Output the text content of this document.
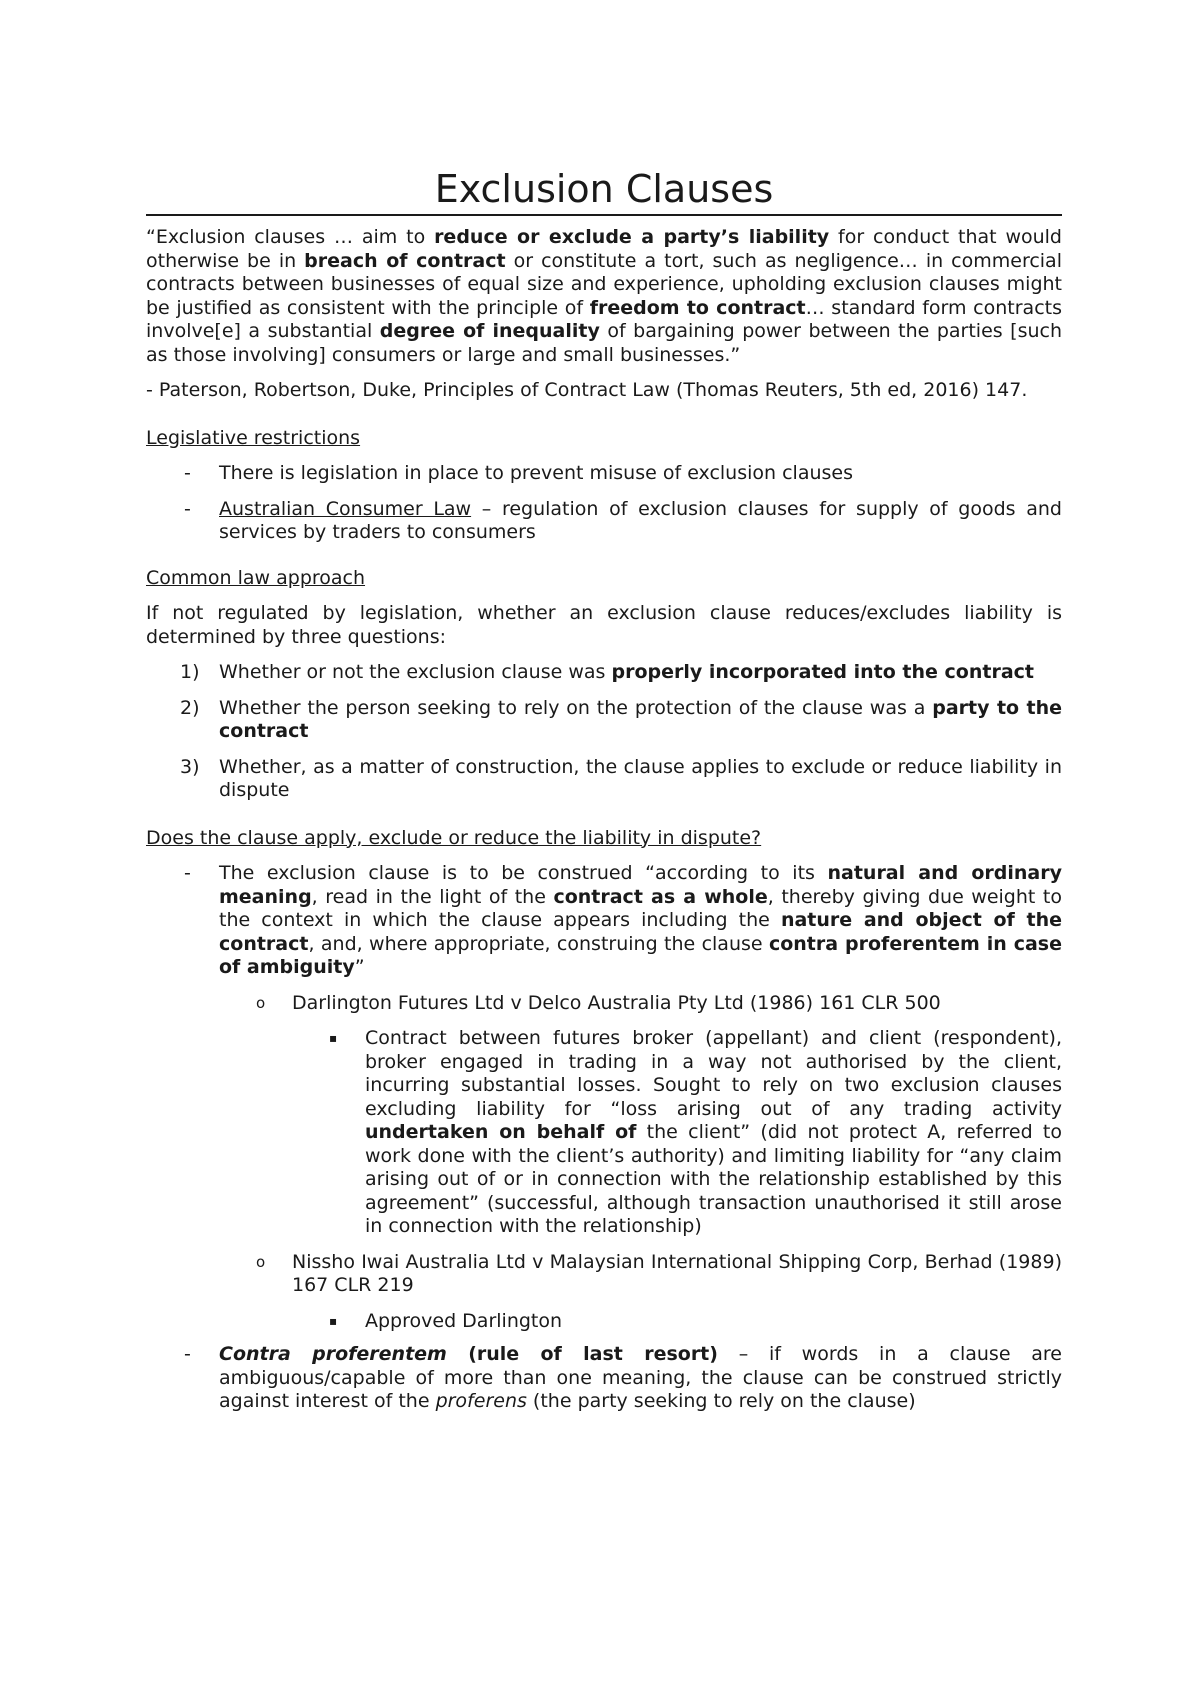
Exclusion Clauses

“Exclusion clauses … aim to reduce or exclude a party’s liability for conduct that would otherwise be in breach of contract or constitute a tort, such as negligence… in commercial contracts between businesses of equal size and experience, upholding exclusion clauses might be justified as consistent with the principle of freedom to contract… standard form contracts involve[e] a substantial degree of inequality of bargaining power between the parties [such as those involving] consumers or large and small businesses.”

- Paterson, Robertson, Duke, Principles of Contract Law (Thomas Reuters, 5th ed, 2016) 147.

Legislative restrictions

- There is legislation in place to prevent misuse of exclusion clauses
- Australian Consumer Law – regulation of exclusion clauses for supply of goods and services by traders to consumers

Common law approach

If not regulated by legislation, whether an exclusion clause reduces/excludes liability is determined by three questions:

1) Whether or not the exclusion clause was properly incorporated into the contract
2) Whether the person seeking to rely on the protection of the clause was a party to the contract
3) Whether, as a matter of construction, the clause applies to exclude or reduce liability in dispute

Does the clause apply, exclude or reduce the liability in dispute?

- The exclusion clause is to be construed “according to its natural and ordinary meaning, read in the light of the contract as a whole, thereby giving due weight to the context in which the clause appears including the nature and object of the contract, and, where appropriate, construing the clause contra proferentem in case of ambiguity”
o Darlington Futures Ltd v Delco Australia Pty Ltd (1986) 161 CLR 500
▪ Contract between futures broker (appellant) and client (respondent), broker engaged in trading in a way not authorised by the client, incurring substantial losses. Sought to rely on two exclusion clauses excluding liability for “loss arising out of any trading activity undertaken on behalf of the client” (did not protect A, referred to work done with the client’s authority) and limiting liability for “any claim arising out of or in connection with the relationship established by this agreement” (successful, although transaction unauthorised it still arose in connection with the relationship)
o Nissho Iwai Australia Ltd v Malaysian International Shipping Corp, Berhad (1989) 167 CLR 219
▪ Approved Darlington
- Contra proferentem (rule of last resort) – if words in a clause are ambiguous/capable of more than one meaning, the clause can be construed strictly against interest of the proferens (the party seeking to rely on the clause)
